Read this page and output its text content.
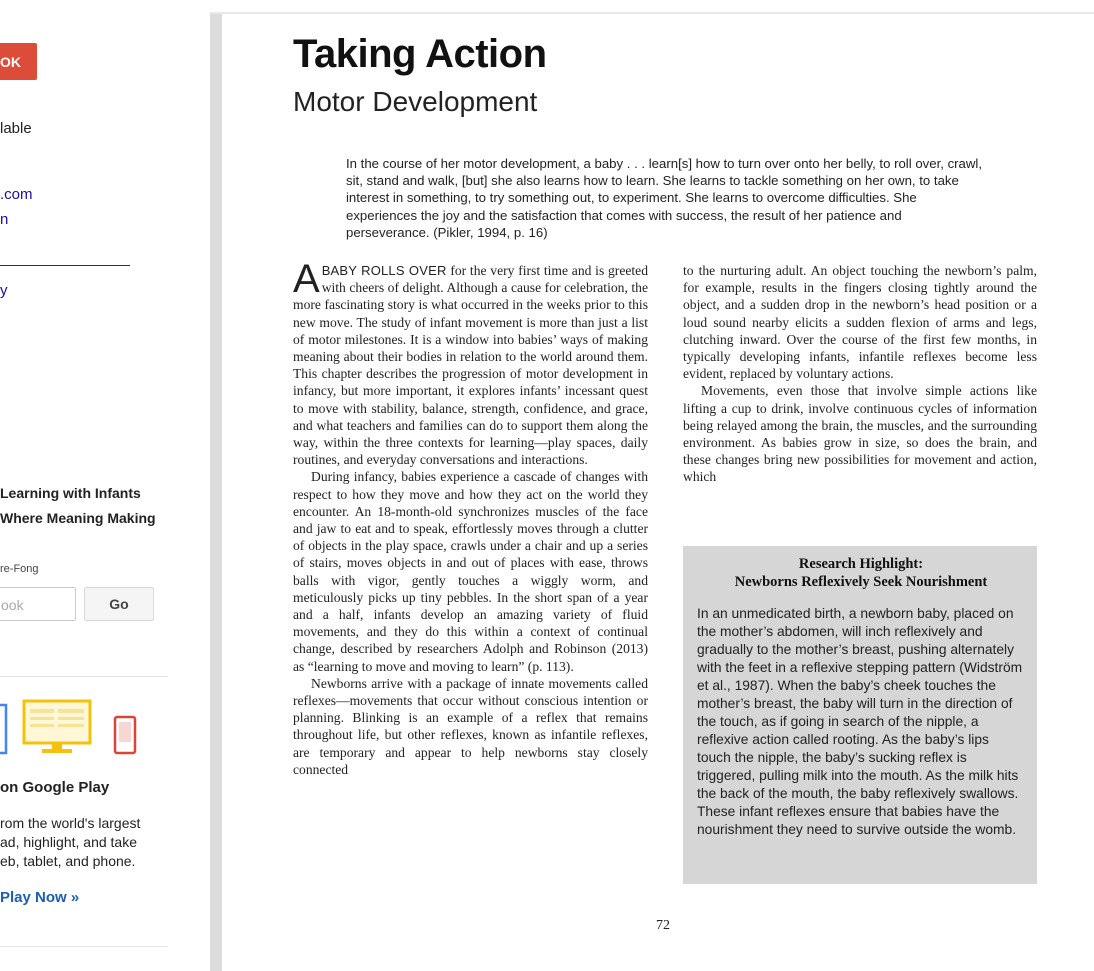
OK
lable
.com
n
y
Learning with Infants
Where Meaning Making
re-Fong
ook	Go
on Google Play
rom the world's largest
ad, highlight, and take
eb, tablet, and phone.
Play Now »
Taking Action
Motor Development
In the course of her motor development, a baby . . . learn[s] how to turn over onto her belly, to roll over, crawl, sit, stand and walk, [but] she also learns how to learn. She learns to tackle something on her own, to take interest in something, to try something out, to experiment. She learns to overcome difficulties. She experiences the joy and the satisfaction that comes with success, the result of her patience and perseverance. (Pikler, 1994, p. 16)

ABABY ROLLS OVER for the very first time and is greeted with cheers of delight. Although a cause for celebration, the more fascinating story is what occurred in the weeks prior to this new move. The study of infant movement is more than just a list of motor milestones. It is a window into babies’ ways of making meaning about their bodies in relation to the world around them. This chapter describes the progression of motor development in infancy, but more important, it explores infants’ incessant quest to move with stability, balance, strength, confidence, and grace, and what teachers and families can do to support them along the way, within the three contexts for learning—play spaces, daily routines, and everyday conversations and interactions.

During infancy, babies experience a cascade of changes with respect to how they move and how they act on the world they encounter. An 18-month-old synchronizes muscles of the face and jaw to eat and to speak, effortlessly moves through a clutter of objects in the play space, crawls under a chair and up a series of stairs, moves objects in and out of places with ease, throws balls with vigor, gently touches a wiggly worm, and meticulously picks up tiny pebbles. In the short span of a year and a half, infants develop an amazing variety of fluid movements, and they do this within a context of continual change, described by researchers Adolph and Robinson (2013) as “learning to move and moving to learn” (p. 113).

Newborns arrive with a package of innate movements called reflexes—movements that occur without conscious intention or planning. Blinking is an example of a reflex that remains throughout life, but other reflexes, known as infantile reflexes, are temporary and appear to help newborns stay closely connected

to the nurturing adult. An object touching the newborn’s palm, for example, results in the fingers closing tightly around the object, and a sudden drop in the newborn’s head position or a loud sound nearby elicits a sudden flexion of arms and legs, clutching inward. Over the course of the first few months, in typically developing infants, infantile reflexes become less evident, replaced by voluntary actions.

Movements, even those that involve simple actions like lifting a cup to drink, involve continuous cycles of information being relayed among the brain, the muscles, and the surrounding environment. As babies grow in size, so does the brain, and these changes bring new possibilities for movement and action, which

Research Highlight:
Newborns Reflexively Seek Nourishment
In an unmedicated birth, a newborn baby, placed on the mother’s abdomen, will inch reflexively and gradually to the mother’s breast, pushing alternately with the feet in a reflexive stepping pattern (Widström et al., 1987). When the baby’s cheek touches the mother’s breast, the baby will turn in the direction of the touch, as if going in search of the nipple, a reflexive action called rooting. As the baby’s lips touch the nipple, the baby’s sucking reflex is triggered, pulling milk into the mouth. As the milk hits the back of the mouth, the baby reflexively swallows. These infant reflexes ensure that babies have the nourishment they need to survive outside the womb.
72
